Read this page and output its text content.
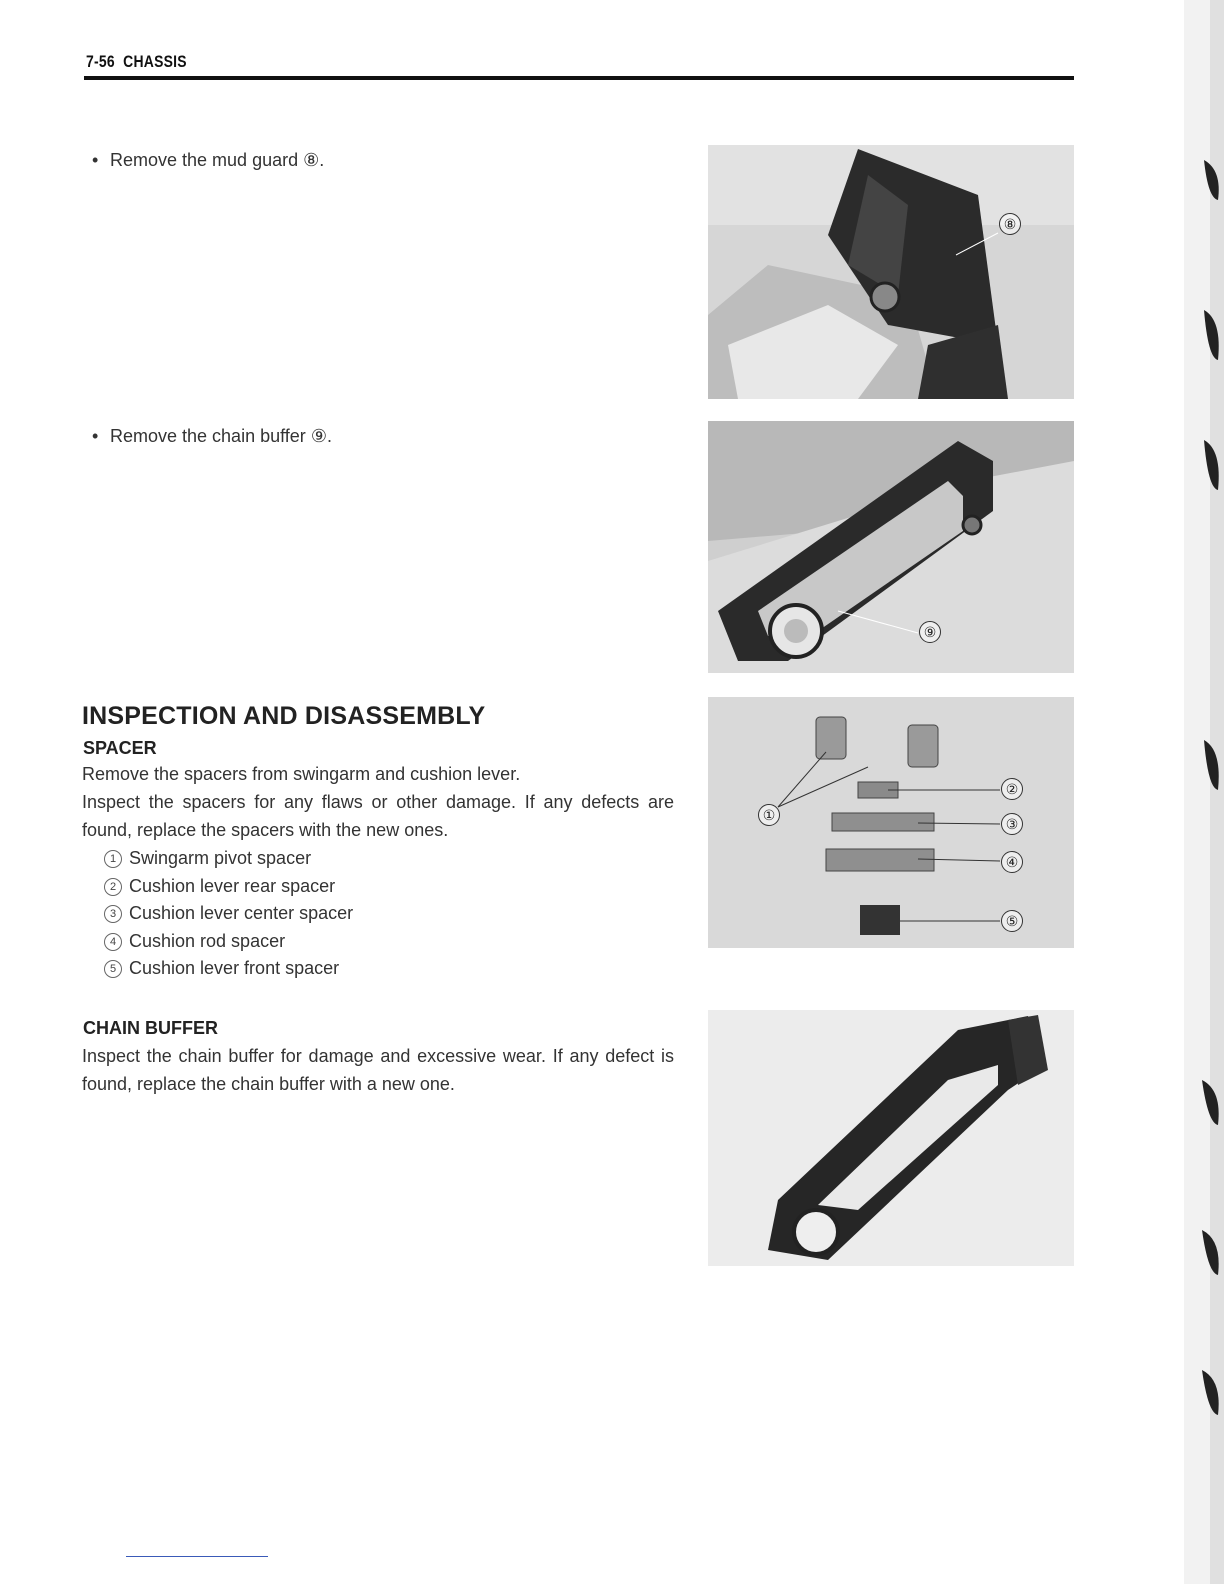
7-56 CHASSIS
• Remove the mud guard ⑧.
⑧
• Remove the chain buffer ⑨.
⑨
INSPECTION AND DISASSEMBLY
SPACER
Remove the spacers from swingarm and cushion lever.
Inspect the spacers for any flaws or other damage. If any defects are found, replace the spacers with the new ones.
1 Swingarm pivot spacer
2 Cushion lever rear spacer
3 Cushion lever center spacer
4 Cushion rod spacer
5 Cushion lever front spacer
①
②
③
④
⑤
CHAIN BUFFER
Inspect the chain buffer for damage and excessive wear. If any defect is found, replace the chain buffer with a new one.
